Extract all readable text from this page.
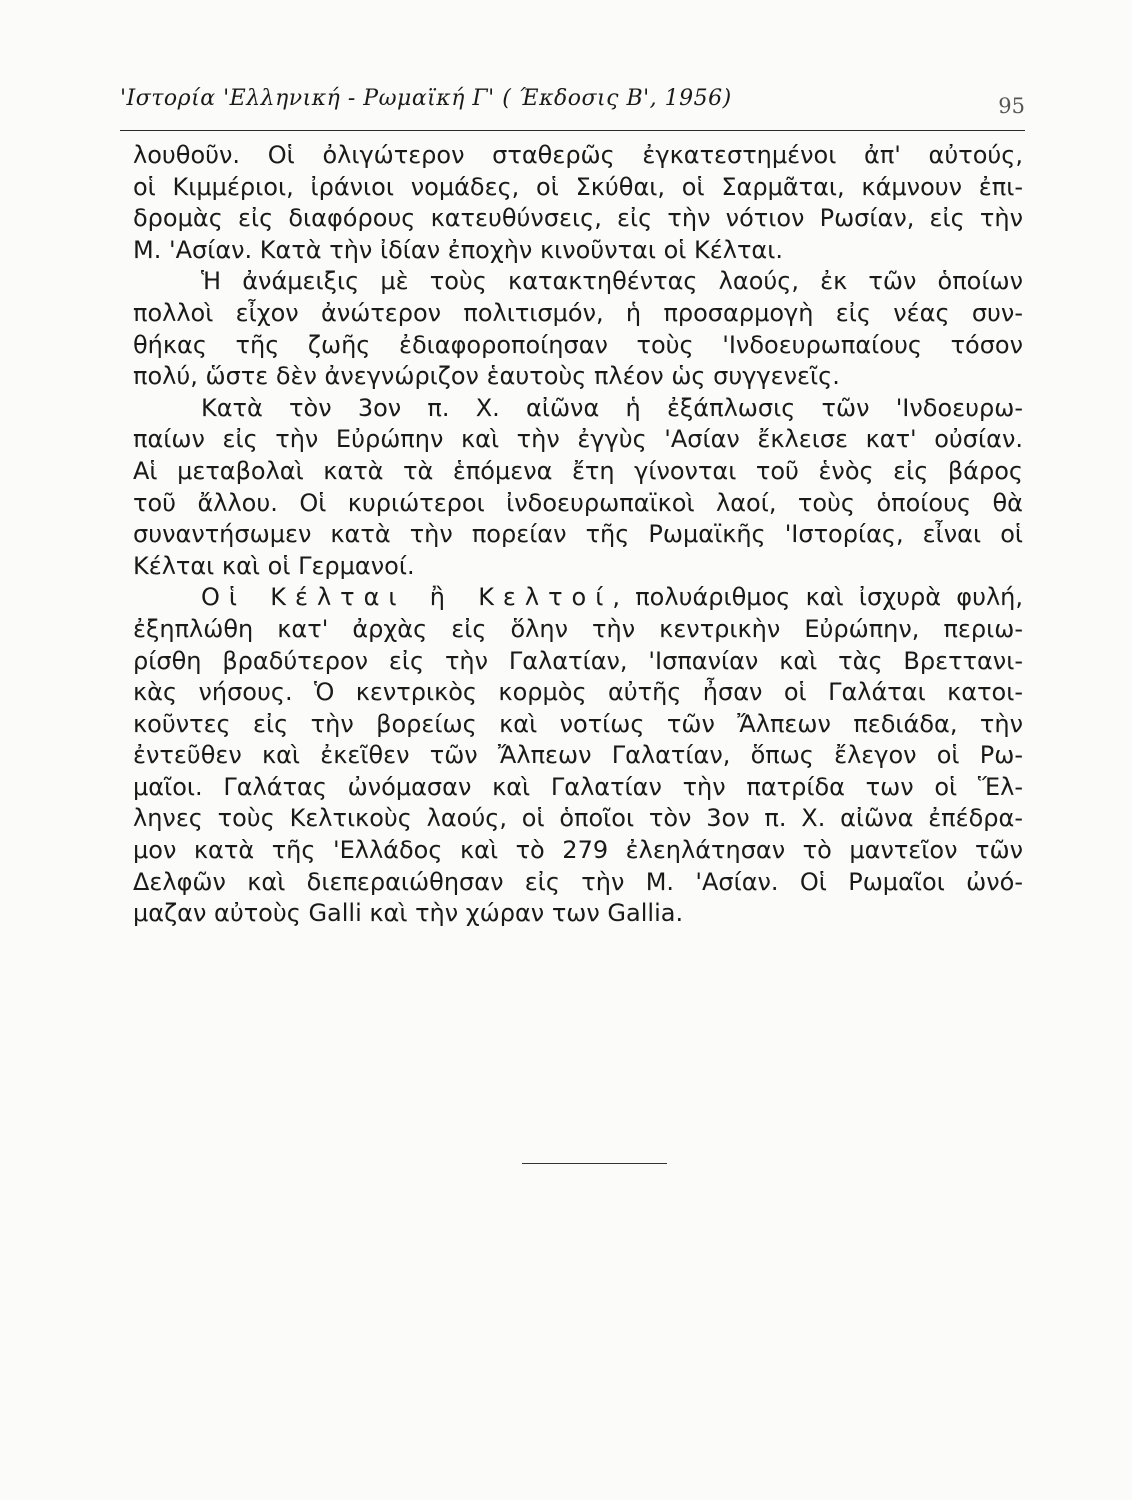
'Ιστορία 'Ελληνική - Ρωμαϊκή Γ' ( Έκδοσις Β', 1956)	95
λουθοῦν. Οἱ ὀλιγώτερον σταθερῶς ἐγκατεστημένοι ἀπ' αὐτούς,
οἱ Κιμμέριοι, ἰράνιοι νομάδες, οἱ Σκύθαι, οἱ Σαρμᾶται, κάμνουν ἐπι-
δρομὰς εἰς διαφόρους κατευθύνσεις, εἰς τὴν νότιον Ρωσίαν, εἰς τὴν
Μ. 'Ασίαν. Κατὰ τὴν ἰδίαν ἐποχὴν κινοῦνται οἱ Κέλται.
Ἡ ἀνάμειξις μὲ τοὺς κατακτηθέντας λαούς, ἐκ τῶν ὁποίων
πολλοὶ εἶχον ἀνώτερον πολιτισμόν, ἡ προσαρμογὴ εἰς νέας συν-
θήκας τῆς ζωῆς ἐδιαφοροποίησαν τοὺς 'Ινδοευρωπαίους τόσον
πολύ, ὥστε δὲν ἀνεγνώριζον ἑαυτοὺς πλέον ὡς συγγενεῖς.
Κατὰ τὸν 3ον π. Χ. αἰῶνα ἡ ἐξάπλωσις τῶν 'Ινδοευρω-
παίων εἰς τὴν Εὐρώπην καὶ τὴν ἐγγὺς 'Ασίαν ἔκλεισε κατ' οὐσίαν.
Αἱ μεταβολαὶ κατὰ τὰ ἑπόμενα ἔτη γίνονται τοῦ ἑνὸς εἰς βάρος
τοῦ ἄλλου. Οἱ κυριώτεροι ἰνδοευρωπαϊκοὶ λαοί, τοὺς ὁποίους θὰ
συναντήσωμεν κατὰ τὴν πορείαν τῆς Ρωμαϊκῆς 'Ιστορίας, εἶναι οἱ
Κέλται καὶ οἱ Γερμανοί.
Οἱ Κέλται ἢ Κελτοί, πολυάριθμος καὶ ἰσχυρὰ φυλή,
ἐξηπλώθη κατ' ἀρχὰς εἰς ὅλην τὴν κεντρικὴν Εὐρώπην, περιω-
ρίσθη βραδύτερον εἰς τὴν Γαλατίαν, 'Ισπανίαν καὶ τὰς Βρεττανι-
κὰς νήσους. Ὁ κεντρικὸς κορμὸς αὐτῆς ἦσαν οἱ Γαλάται κατοι-
κοῦντες εἰς τὴν βορείως καὶ νοτίως τῶν Ἄλπεων πεδιάδα, τὴν
ἐντεῦθεν καὶ ἐκεῖθεν τῶν Ἄλπεων Γαλατίαν, ὅπως ἔλεγον οἱ Ρω-
μαῖοι. Γαλάτας ὠνόμασαν καὶ Γαλατίαν τὴν πατρίδα των οἱ Ἕλ-
ληνες τοὺς Κελτικοὺς λαούς, οἱ ὁποῖοι τὸν 3ον π. Χ. αἰῶνα ἐπέδρα-
μον κατὰ τῆς 'Ελλάδος καὶ τὸ 279 ἐλεηλάτησαν τὸ μαντεῖον τῶν
Δελφῶν καὶ διεπεραιώθησαν εἰς τὴν Μ. 'Ασίαν. Οἱ Ρωμαῖοι ὠνό-
μαζαν αὐτοὺς Galli καὶ τὴν χώραν των Gallia.
